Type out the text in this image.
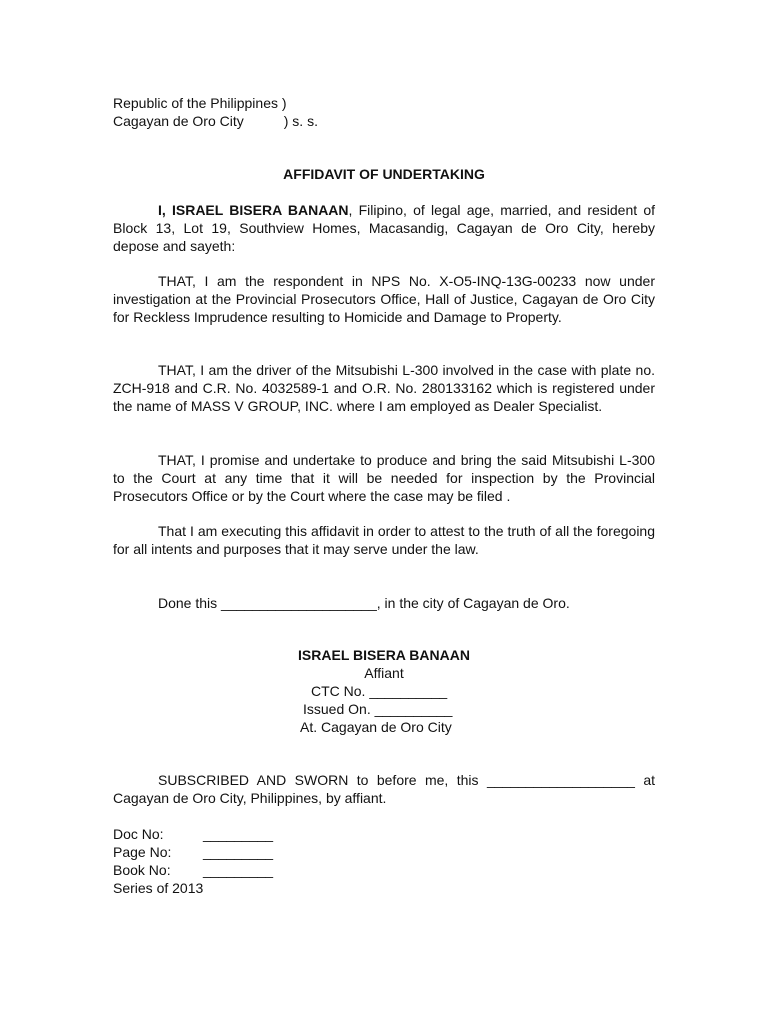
Republic of the Philippines )
Cagayan de Oro City	) s. s.
AFFIDAVIT OF UNDERTAKING
I, ISRAEL BISERA BANAAN, Filipino, of legal age, married, and resident of Block 13, Lot 19, Southview Homes, Macasandig, Cagayan de Oro City, hereby depose and sayeth:
THAT, I am the respondent in NPS No. X-O5-INQ-13G-00233 now under investigation at the Provincial Prosecutors Office, Hall of Justice, Cagayan de Oro City for Reckless Imprudence resulting to Homicide and Damage to Property.
THAT, I am the driver of the Mitsubishi L-300 involved in the case with plate no. ZCH-918 and C.R. No. 4032589-1 and O.R. No. 280133162 which is registered under the name of MASS V GROUP, INC. where I am employed as Dealer Specialist.
THAT, I promise and undertake to produce and bring the said Mitsubishi L-300 to the Court at any time that it will be needed for inspection by the Provincial Prosecutors Office or by the Court where the case may be filed .
That I am executing this affidavit in order to attest to the truth of all the foregoing for all intents and purposes that it may serve under the law.
Done this ____________________, in the city of Cagayan de Oro.
ISRAEL BISERA BANAAN
Affiant
CTC No. __________
Issued On. __________
At. Cagayan de Oro City
SUBSCRIBED AND SWORN to before me, this ___________________ at Cagayan de Oro City, Philippines, by affiant.
Doc No:	_________
Page No: _________
Book No: _________
Series of 2013
